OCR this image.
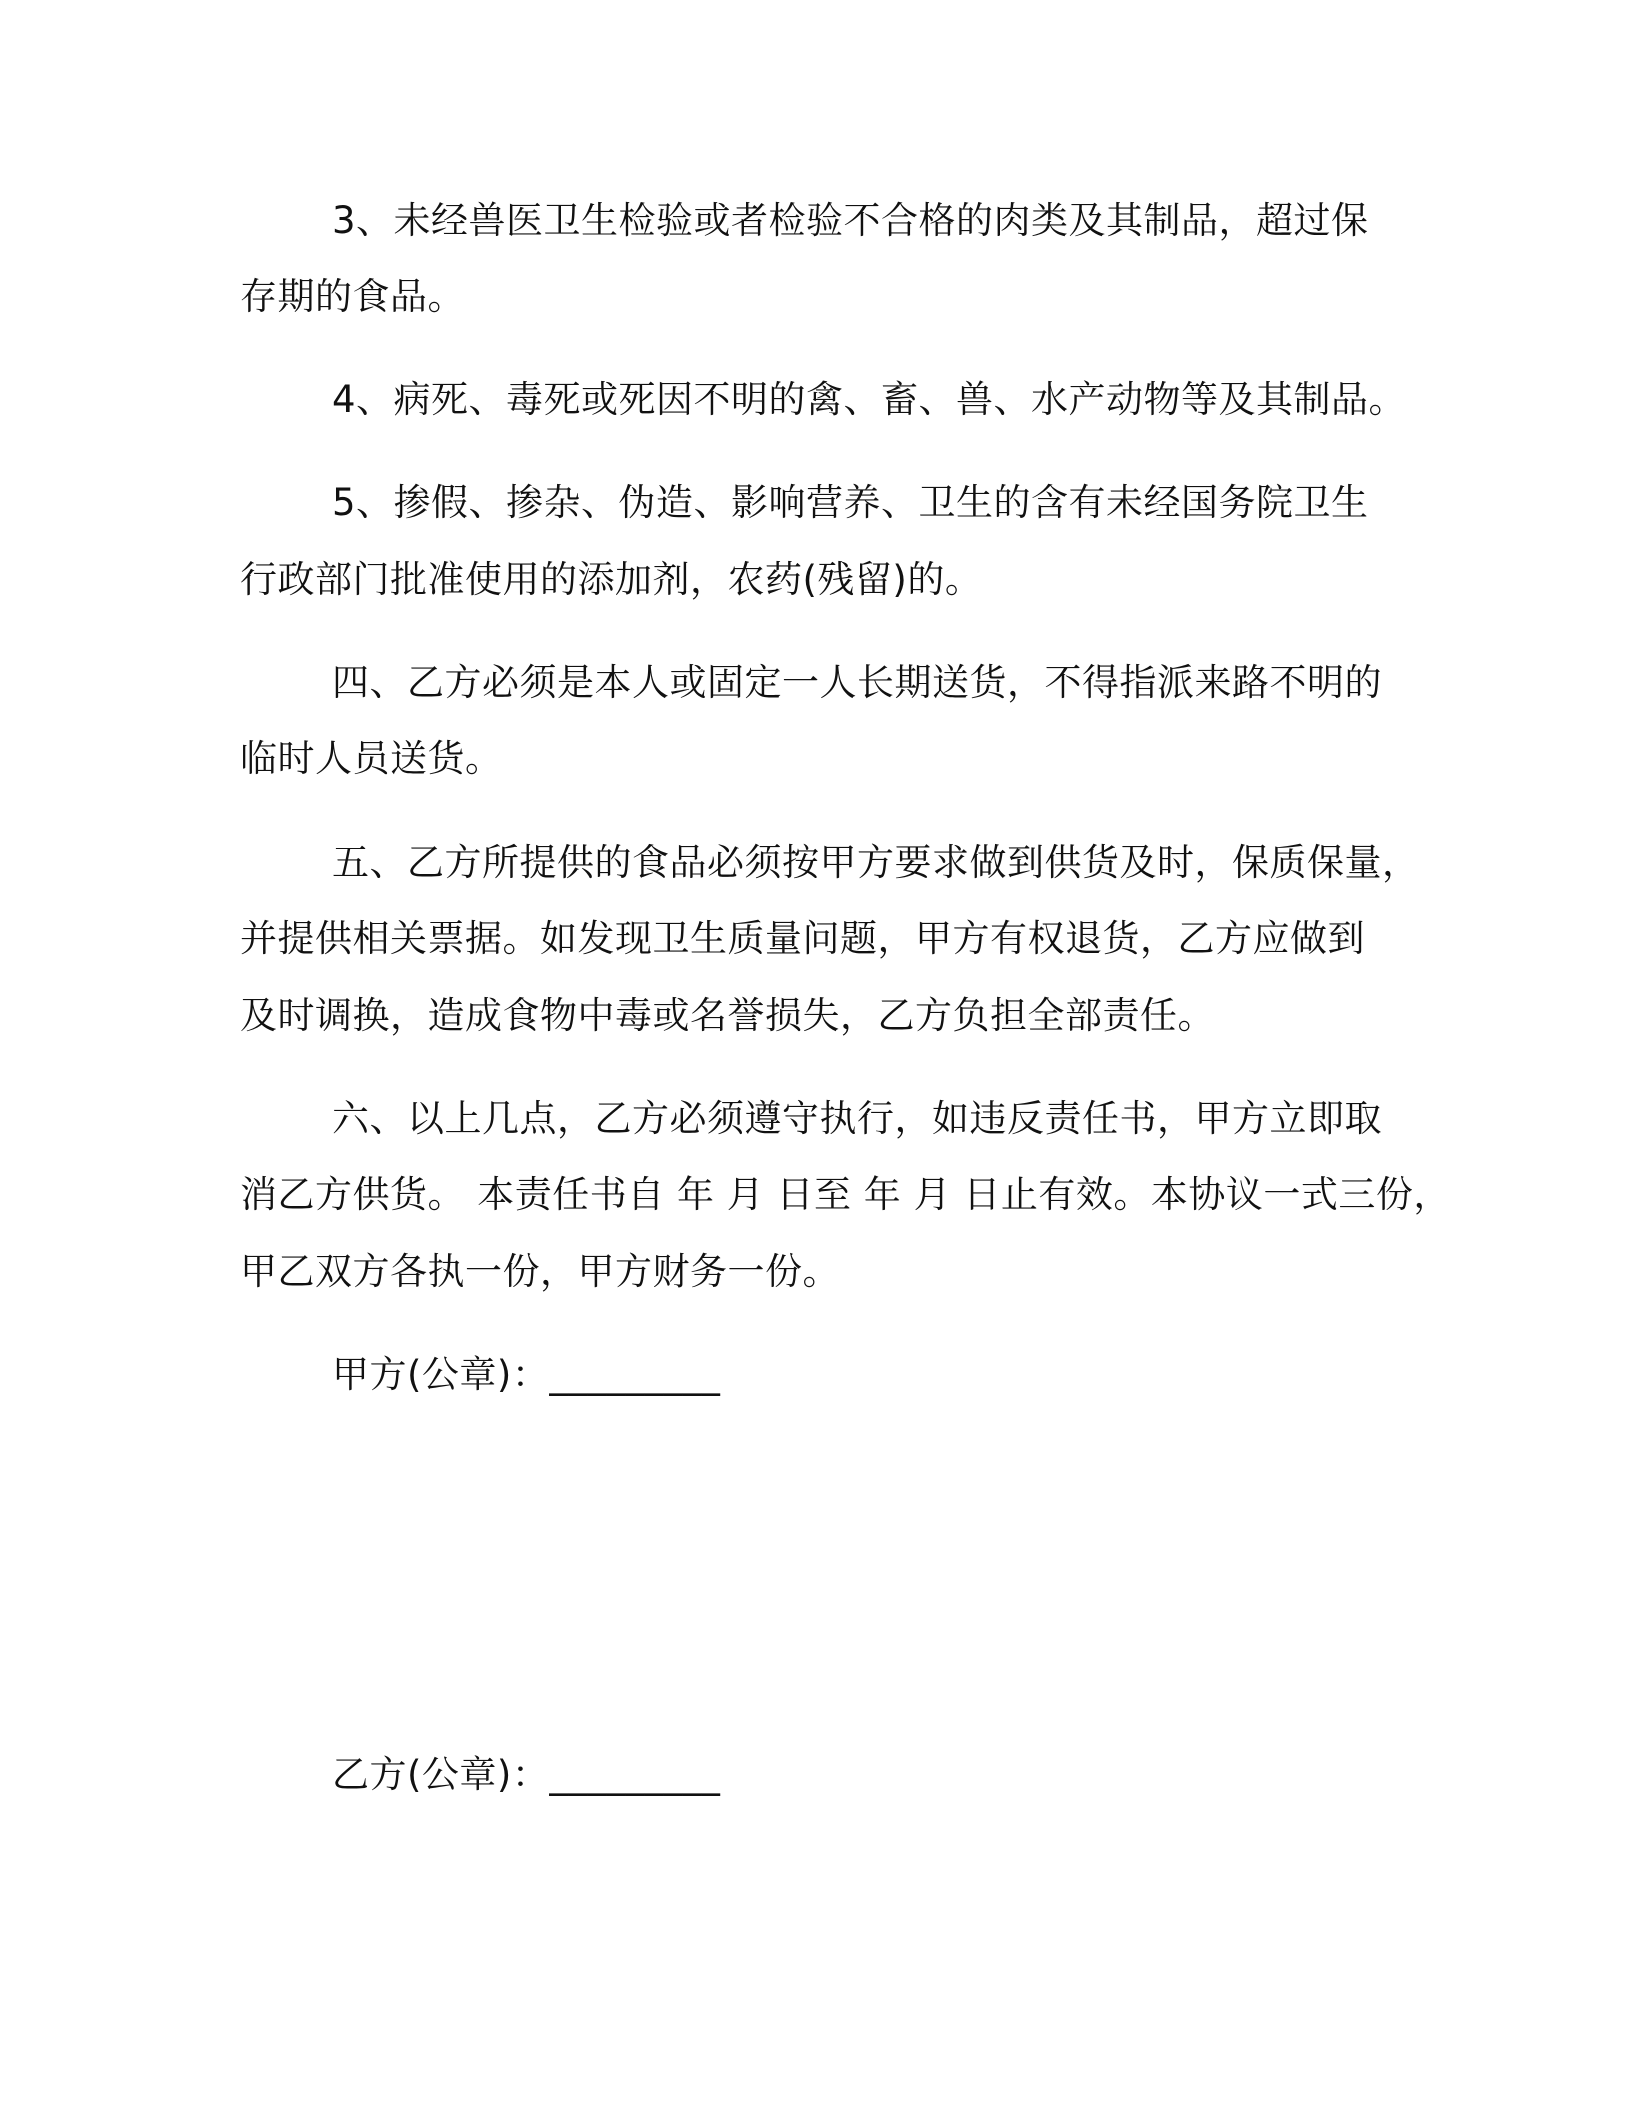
3、未经兽医卫生检验或者检验不合格的肉类及其制品，超过保
存期的食品。
4、病死、毒死或死因不明的禽、畜、兽、水产动物等及其制品。
5、掺假、掺杂、伪造、影响营养、卫生的含有未经国务院卫生
行政部门批准使用的添加剂，农药(残留)的。
四、乙方必须是本人或固定一人长期送货，不得指派来路不明的
临时人员送货。
五、乙方所提供的食品必须按甲方要求做到供货及时，保质保量，
并提供相关票据。如发现卫生质量问题，甲方有权退货，乙方应做到
及时调换，造成食物中毒或名誉损失，乙方负担全部责任。
六、以上几点，乙方必须遵守执行，如违反责任书，甲方立即取
消乙方供货。 本责任书自 年 月 日至 年 月 日止有效。本协议一式三份，
甲乙双方各执一份，甲方财务一份。
甲方(公章)：_________
乙方(公章)：_________
